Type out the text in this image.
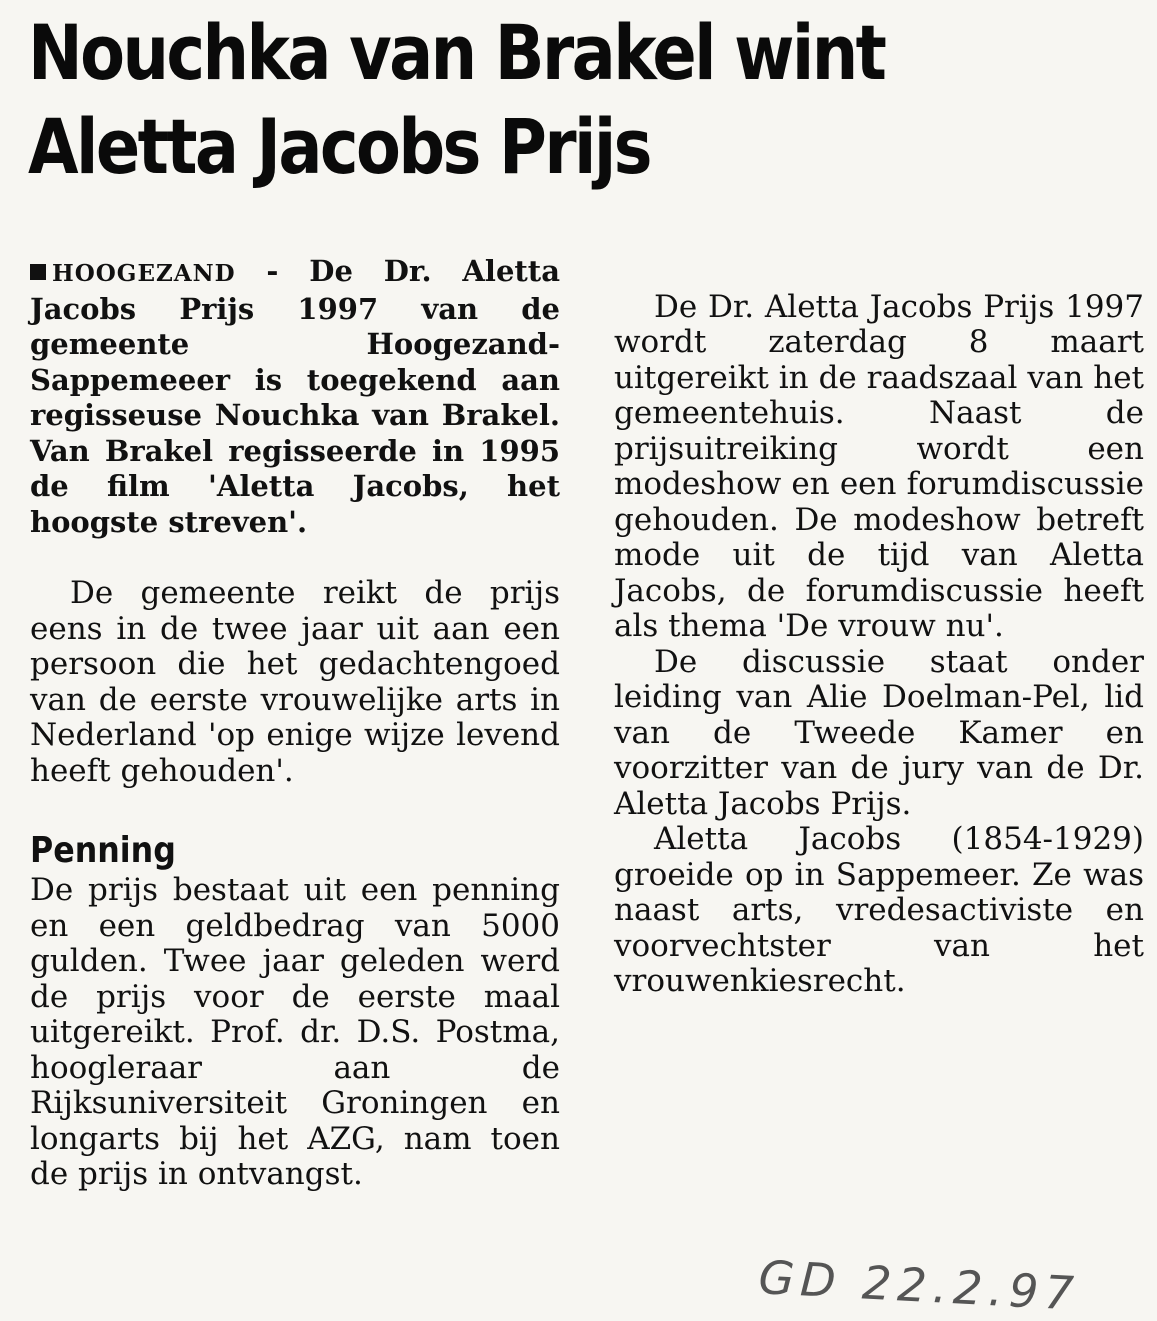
Nouchka van Brakel wint Aletta Jacobs Prijs

HOOGEZAND - De Dr. Aletta Jacobs Prijs 1997 van de gemeente Hoogezand-Sappemeeer is toegekend aan regisseuse Nouchka van Brakel. Van Brakel regisseerde in 1995 de film 'Aletta Jacobs, het hoogste streven'.

De gemeente reikt de prijs eens in de twee jaar uit aan een persoon die het gedachtengoed van de eerste vrouwelijke arts in Nederland 'op enige wijze levend heeft gehouden'.

Penning

De prijs bestaat uit een penning en een geldbedrag van 5000 gulden. Twee jaar geleden werd de prijs voor de eerste maal uitgereikt. Prof. dr. D.S. Postma, hoogleraar aan de Rijksuniversiteit Groningen en longarts bij het AZG, nam toen de prijs in ontvangst.

De Dr. Aletta Jacobs Prijs 1997 wordt zaterdag 8 maart uitgereikt in de raadszaal van het gemeentehuis. Naast de prijsuitreiking wordt een modeshow en een forumdiscussie gehouden. De modeshow betreft mode uit de tijd van Aletta Jacobs, de forumdiscussie heeft als thema 'De vrouw nu'.

De discussie staat onder leiding van Alie Doelman-Pel, lid van de Tweede Kamer en voorzitter van de jury van de Dr. Aletta Jacobs Prijs.

Aletta Jacobs (1854-1929) groeide op in Sappemeer. Ze was naast arts, vredesactiviste en voorvechtster van het vrouwenkiesrecht.

GD 22.2.97
